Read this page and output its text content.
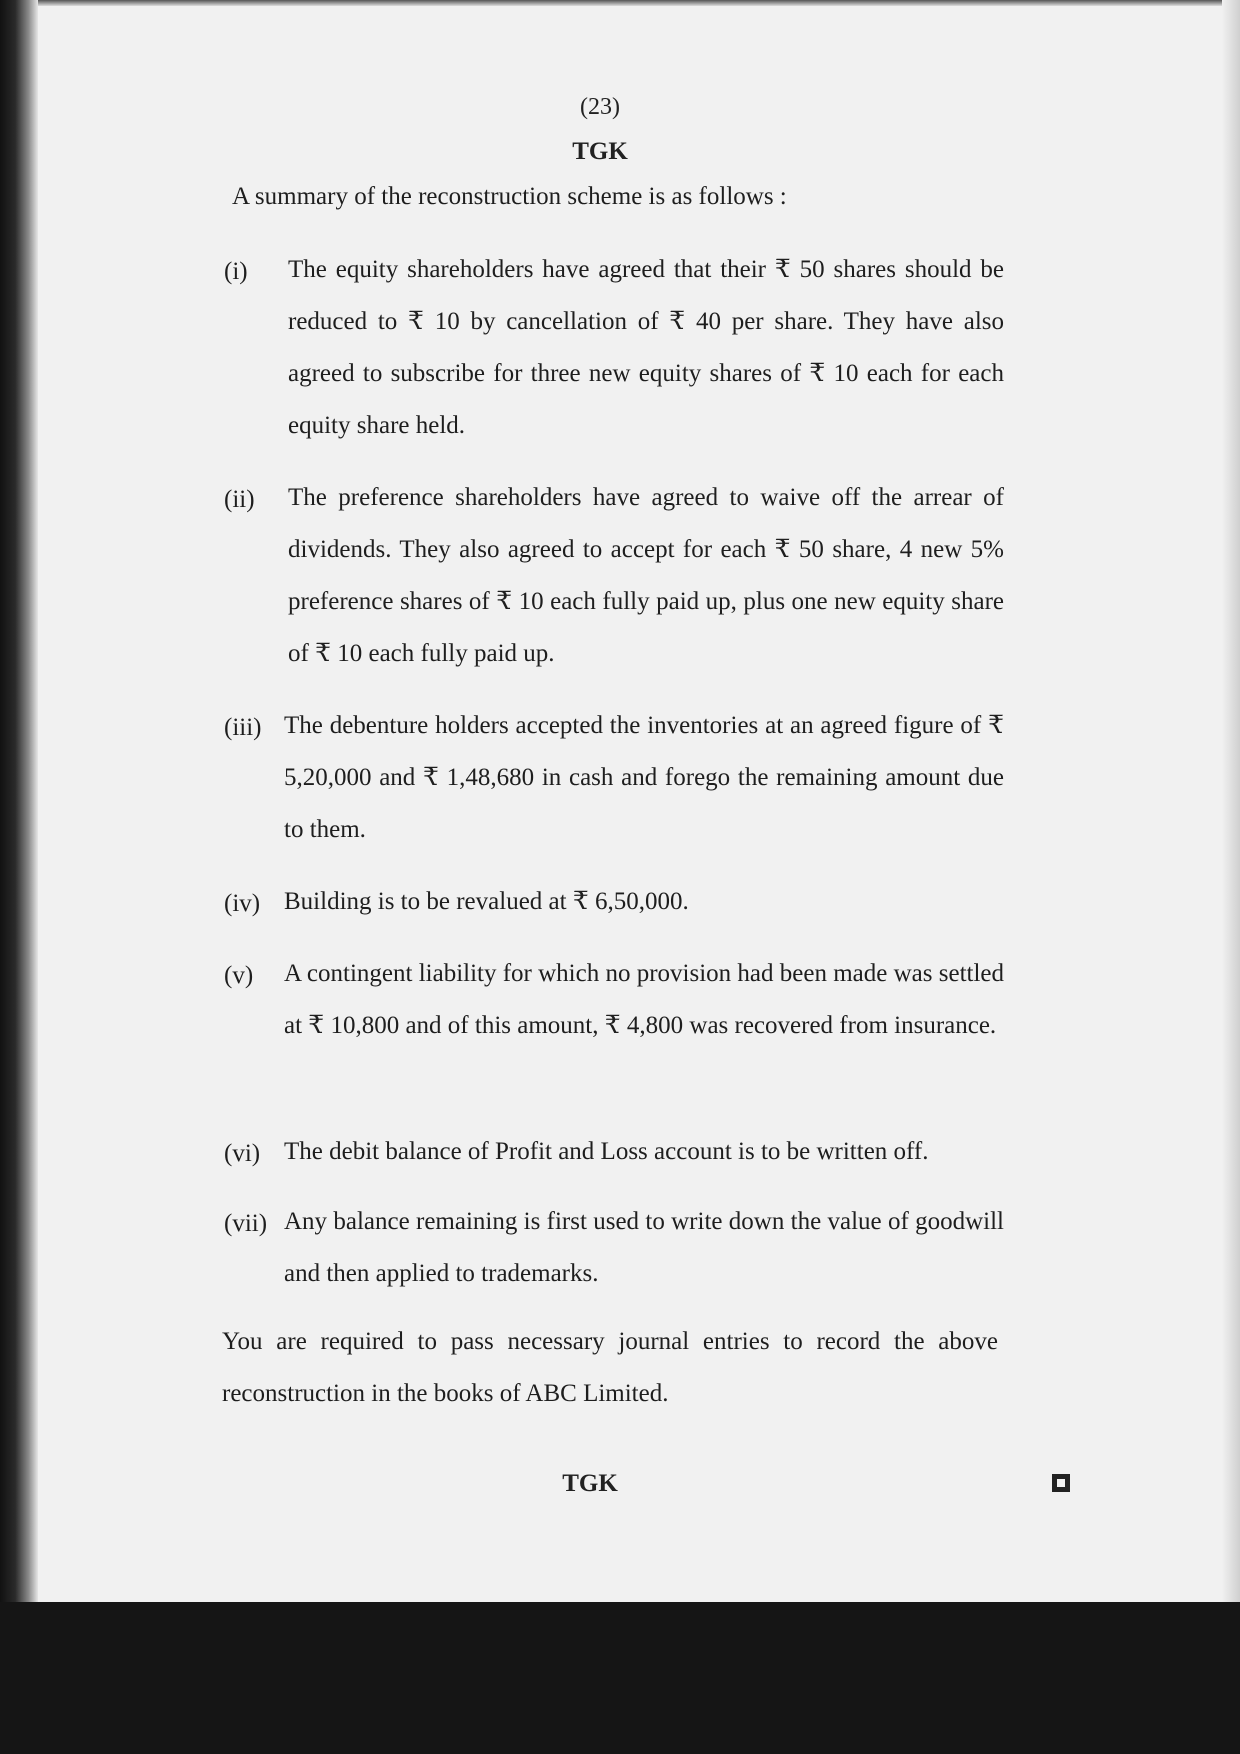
(23)
TGK
A summary of the reconstruction scheme is as follows :
(i)	The equity shareholders have agreed that their ₹ 50 shares should be reduced to ₹ 10 by cancellation of ₹ 40 per share. They have also agreed to subscribe for three new equity shares of ₹ 10 each for each equity share held.
(ii)	The preference shareholders have agreed to waive off the arrear of dividends. They also agreed to accept for each ₹ 50 share, 4 new 5% preference shares of ₹ 10 each fully paid up, plus one new equity share of ₹ 10 each fully paid up.
(iii) The debenture holders accepted the inventories at an agreed figure of ₹ 5,20,000 and ₹ 1,48,680 in cash and forego the remaining amount due to them.
(iv) Building is to be revalued at ₹ 6,50,000.
(v)	A contingent liability for which no provision had been made was settled at ₹ 10,800 and of this amount, ₹ 4,800 was recovered from insurance.
(vi) The debit balance of Profit and Loss account is to be written off.
(vii) Any balance remaining is first used to write down the value of goodwill and then applied to trademarks.
You are required to pass necessary journal entries to record the above reconstruction in the books of ABC Limited.
TGK
